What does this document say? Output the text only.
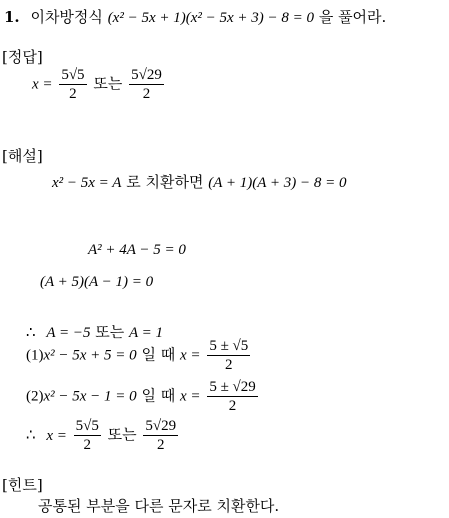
1. 이차방정식 (x² − 5x + 1)(x² − 5x + 3) − 8 = 0 을 풀어라.
[정답]
$x = \frac{5√5}{2}$ 또는 $\frac{5√29}{2}$
[해설]
x² − 5x = A 로 치환하면 (A + 1)(A + 3) − 8 = 0
A² + 4A − 5 = 0
(A + 5)(A − 1) = 0
∴ A = −5 또는 A = 1
(1)x² − 5x + 5 = 0 일 때 $x = \frac{5 \pm √5}{2}$
(2)x² − 5x − 1 = 0 일 때 $x = \frac{5 \pm √29}{2}$
∴ $x = \frac{5√5}{2}$ 또는 $\frac{5√29}{2}$
[힌트]
공통된 부분을 다른 문자로 치환한다.
